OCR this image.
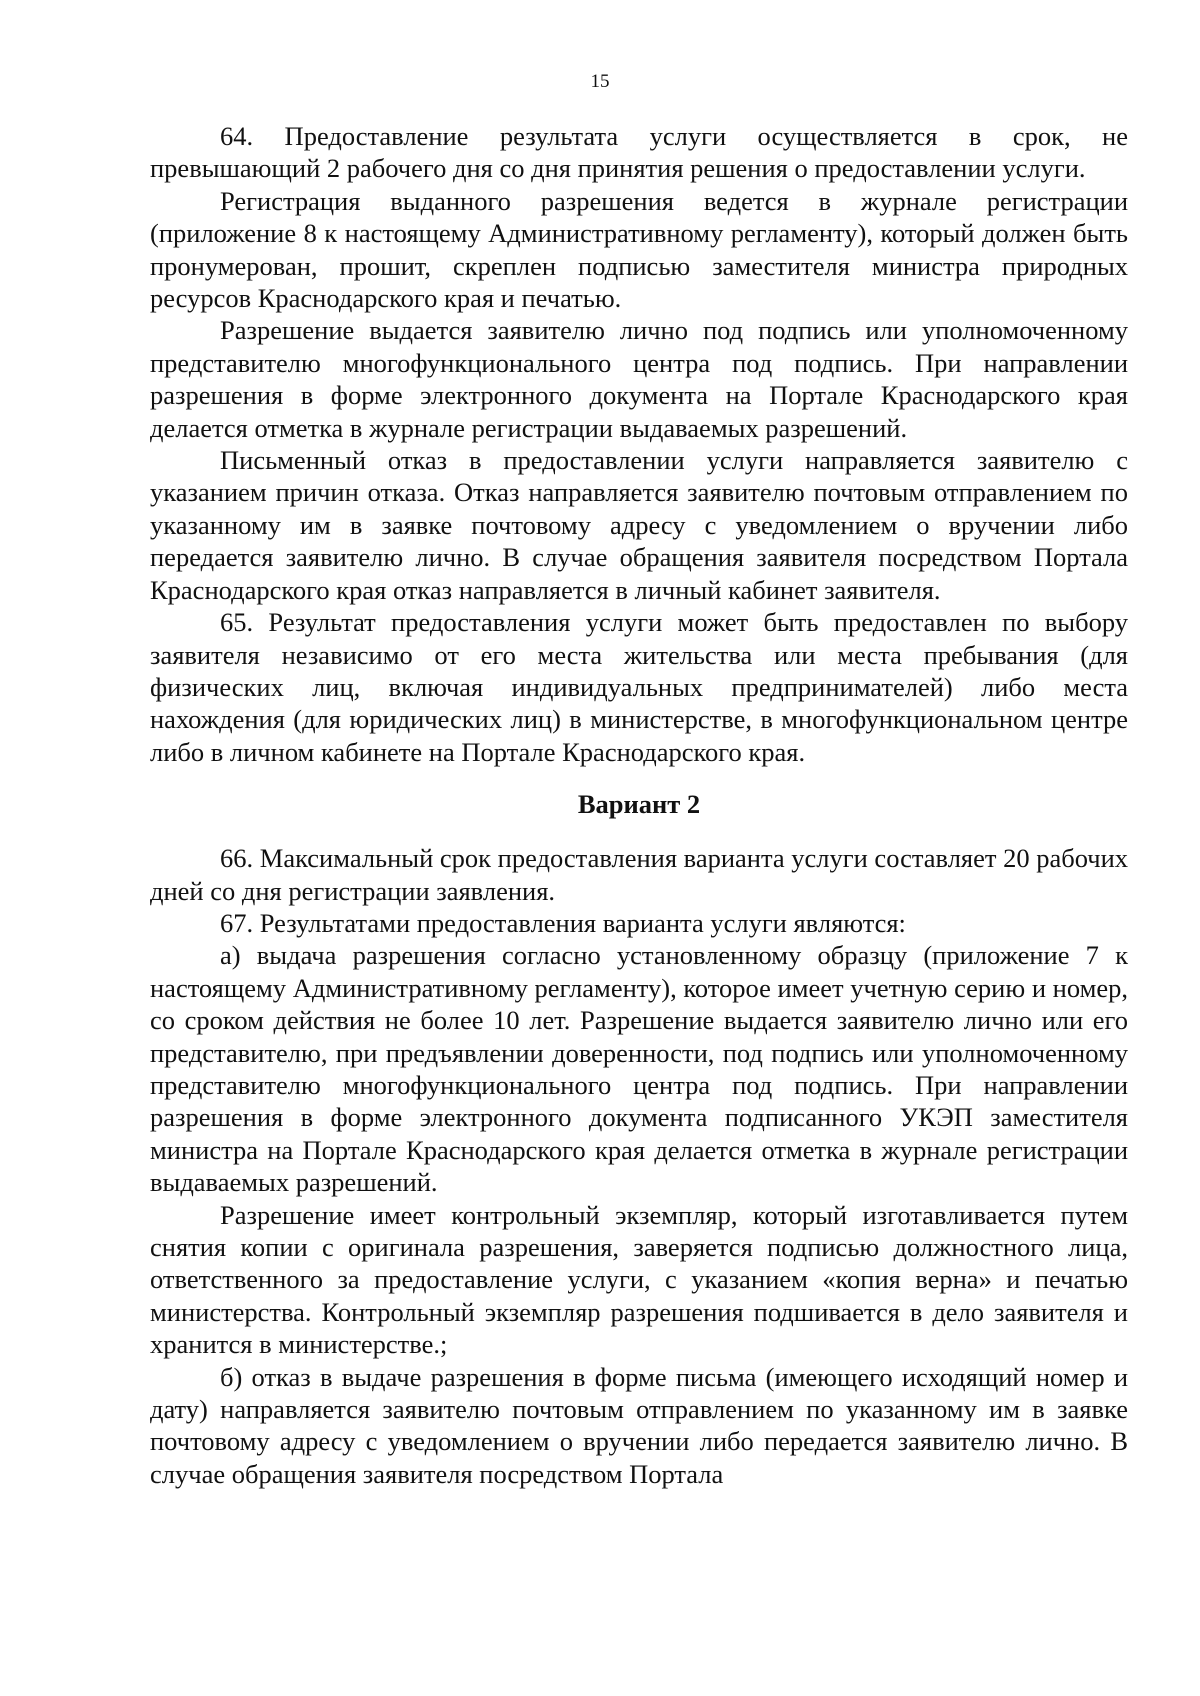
15

64. Предоставление результата услуги осуществляется в срок, не превышающий 2 рабочего дня со дня принятия решения о предоставлении услуги.

Регистрация выданного разрешения ведется в журнале регистрации (приложение 8 к настоящему Административному регламенту), который должен быть пронумерован, прошит, скреплен подписью заместителя министра природных ресурсов Краснодарского края и печатью.

Разрешение выдается заявителю лично под подпись или уполномоченному представителю многофункционального центра под подпись. При направлении разрешения в форме электронного документа на Портале Краснодарского края делается отметка в журнале регистрации выдаваемых разрешений.

Письменный отказ в предоставлении услуги направляется заявителю с указанием причин отказа. Отказ направляется заявителю почтовым отправлением по указанному им в заявке почтовому адресу с уведомлением о вручении либо передается заявителю лично. В случае обращения заявителя посредством Портала Краснодарского края отказ направляется в личный кабинет заявителя.

65. Результат предоставления услуги может быть предоставлен по выбору заявителя независимо от его места жительства или места пребывания (для физических лиц, включая индивидуальных предпринимателей) либо места нахождения (для юридических лиц) в министерстве, в многофункциональном центре либо в личном кабинете на Портале Краснодарского края.

Вариант 2

66. Максимальный срок предоставления варианта услуги составляет 20 рабочих дней со дня регистрации заявления.

67. Результатами предоставления варианта услуги являются:

а) выдача разрешения согласно установленному образцу (приложение 7 к настоящему Административному регламенту), которое имеет учетную серию и номер, со сроком действия не более 10 лет. Разрешение выдается заявителю лично или его представителю, при предъявлении доверенности, под подпись или уполномоченному представителю многофункционального центра под подпись. При направлении разрешения в форме электронного документа подписанного УКЭП заместителя министра на Портале Краснодарского края делается отметка в журнале регистрации выдаваемых разрешений.

Разрешение имеет контрольный экземпляр, который изготавливается путем снятия копии с оригинала разрешения, заверяется подписью должностного лица, ответственного за предоставление услуги, с указанием «копия верна» и печатью министерства. Контрольный экземпляр разрешения подшивается в дело заявителя и хранится в министерстве.;

б) отказ в выдаче разрешения в форме письма (имеющего исходящий номер и дату) направляется заявителю почтовым отправлением по указанному им в заявке почтовому адресу с уведомлением о вручении либо передается заявителю лично. В случае обращения заявителя посредством Портала
